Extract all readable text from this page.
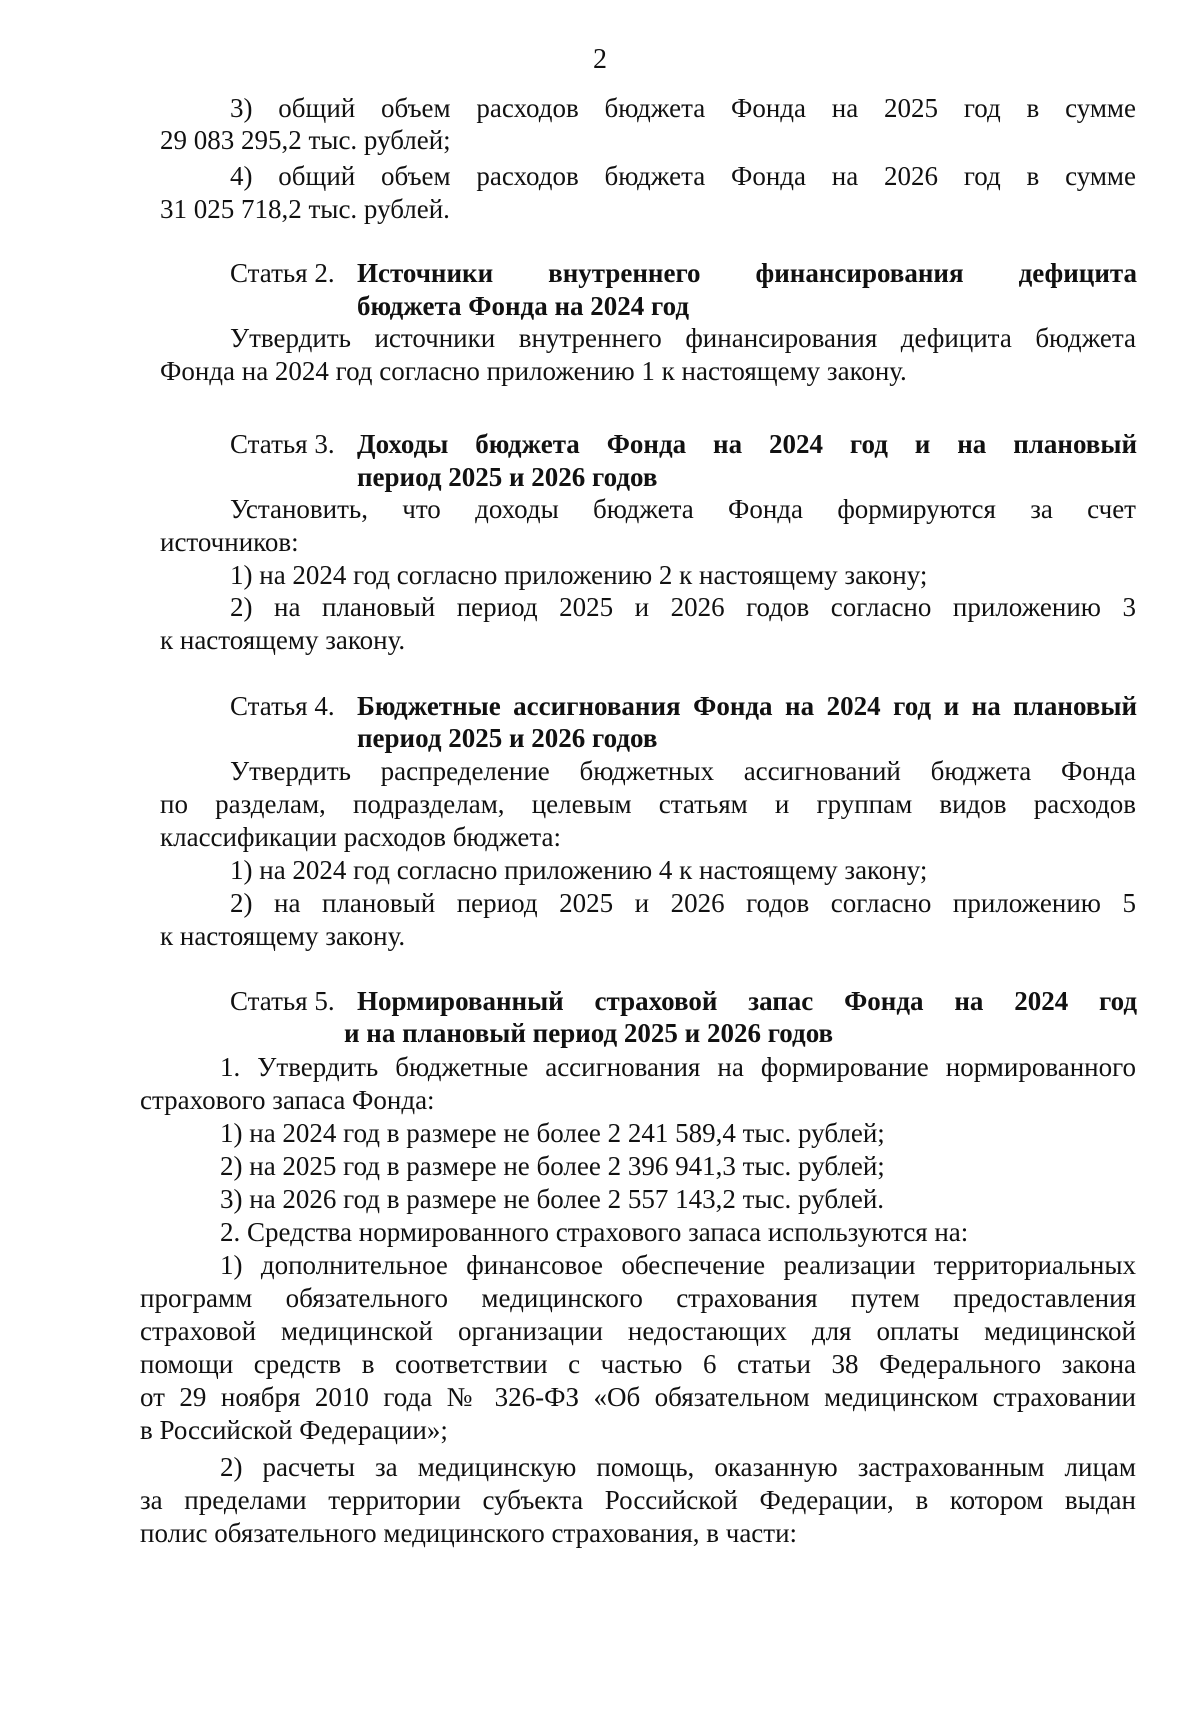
2
3) общий объем расходов бюджета Фонда на 2025 год в сумме
29 083 295,2 тыс. рублей;
4) общий объем расходов бюджета Фонда на 2026 год в сумме
31 025 718,2 тыс. рублей.
Статья 2. Источники внутреннего финансирования дефицита
бюджета Фонда на 2024 год
Утвердить источники внутреннего финансирования дефицита бюджета
Фонда на 2024 год согласно приложению 1 к настоящему закону.
Статья 3. Доходы бюджета Фонда на 2024 год и на плановый
период 2025 и 2026 годов
Установить, что доходы бюджета Фонда формируются за счет
источников:
1) на 2024 год согласно приложению 2 к настоящему закону;
2) на плановый период 2025 и 2026 годов согласно приложению 3
к настоящему закону.
Статья 4. Бюджетные ассигнования Фонда на 2024 год и на плановый
период 2025 и 2026 годов
Утвердить распределение бюджетных ассигнований бюджета Фонда
по разделам, подразделам, целевым статьям и группам видов расходов
классификации расходов бюджета:
1) на 2024 год согласно приложению 4 к настоящему закону;
2) на плановый период 2025 и 2026 годов согласно приложению 5
к настоящему закону.
Статья 5. Нормированный страховой запас Фонда на 2024 год
и на плановый период 2025 и 2026 годов
1. Утвердить бюджетные ассигнования на формирование нормированного
страхового запаса Фонда:
1) на 2024 год в размере не более 2 241 589,4 тыс. рублей;
2) на 2025 год в размере не более 2 396 941,3 тыс. рублей;
3) на 2026 год в размере не более 2 557 143,2 тыс. рублей.
2. Средства нормированного страхового запаса используются на:
1) дополнительное финансовое обеспечение реализации территориальных
программ обязательного медицинского страхования путем предоставления
страховой медицинской организации недостающих для оплаты медицинской
помощи средств в соответствии с частью 6 статьи 38 Федерального закона
от 29 ноября 2010 года № 326-ФЗ «Об обязательном медицинском страховании
в Российской Федерации»;
2) расчеты за медицинскую помощь, оказанную застрахованным лицам
за пределами территории субъекта Российской Федерации, в котором выдан
полис обязательного медицинского страхования, в части:
